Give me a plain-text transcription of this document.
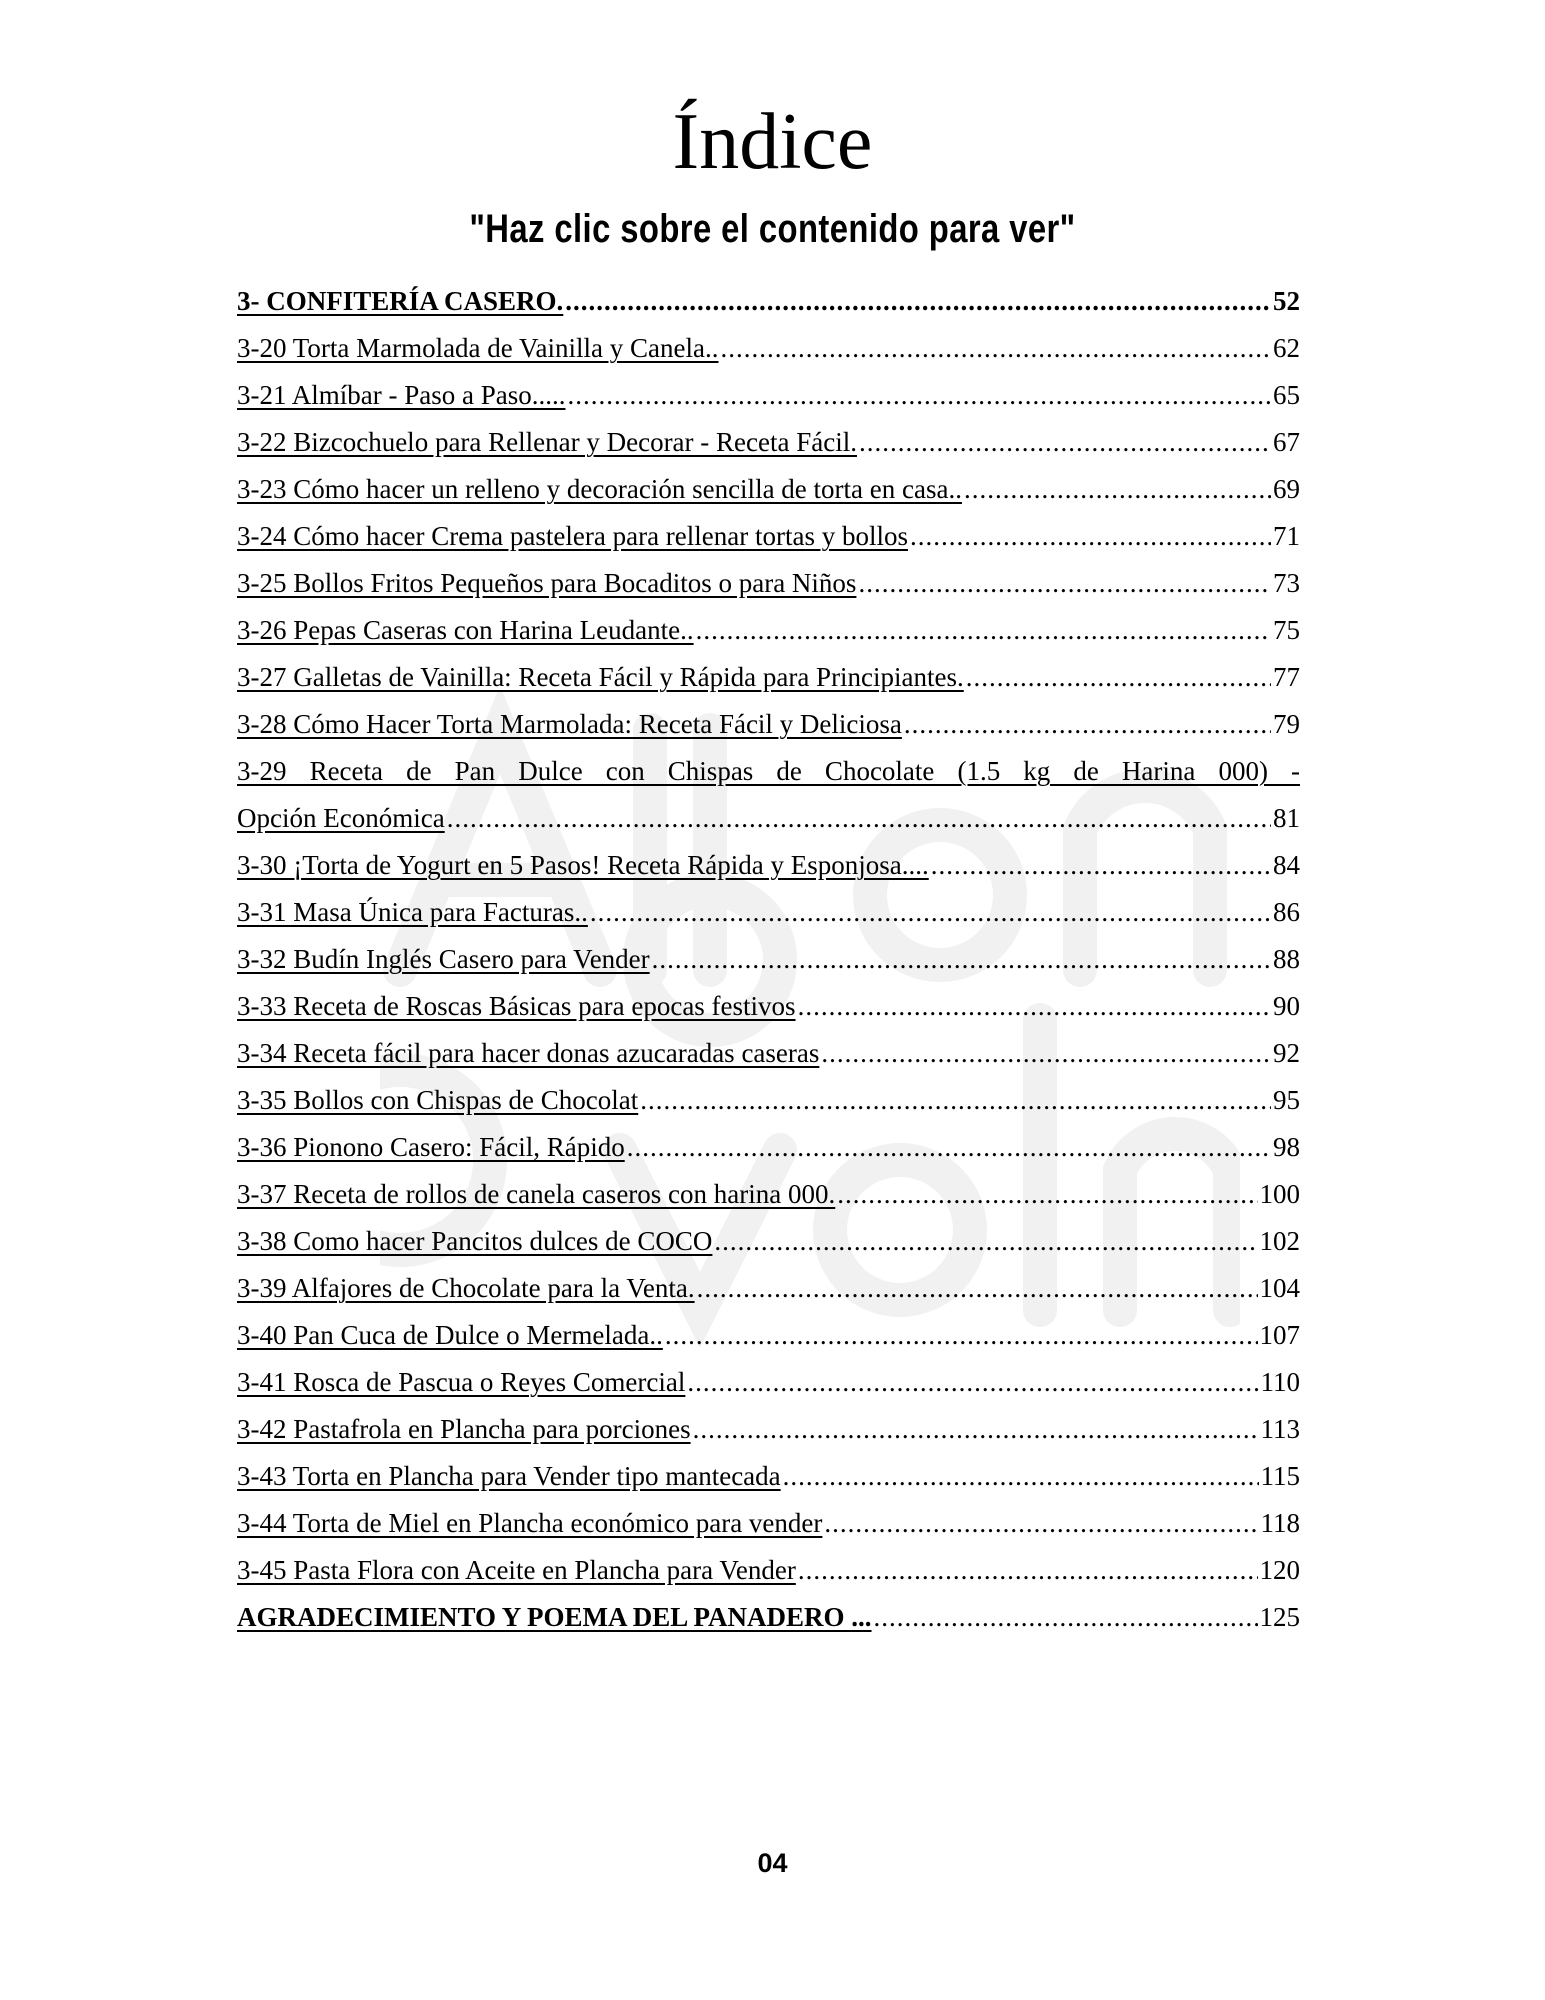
Índice
"Haz clic sobre el contenido para ver"
3- CONFITERÍA CASERO. .....	52
3-20 Torta Marmolada de Vainilla y Canela.. .....	62
3-21 Almíbar - Paso a Paso..... .....	65
3-22 Bizcochuelo para Rellenar y Decorar - Receta Fácil. .....	67
3-23 Cómo hacer un relleno y decoración sencilla de torta en casa.. .....	69
3-24 Cómo hacer Crema pastelera para rellenar tortas y bollos .....	71
3-25 Bollos Fritos Pequeños para Bocaditos o para Niños .....	73
3-26 Pepas Caseras con Harina Leudante.. .....	75
3-27 Galletas de Vainilla: Receta Fácil y Rápida para Principiantes. .....	77
3-28 Cómo Hacer Torta Marmolada: Receta Fácil y Deliciosa .....	79
3-29 Receta de Pan Dulce con Chispas de Chocolate (1.5 kg de Harina 000) -
Opción Económica .....	81
3-30 ¡Torta de Yogurt en 5 Pasos! Receta Rápida y Esponjosa.... .....	84
3-31 Masa Única para Facturas.. .....	86
3-32 Budín Inglés Casero para Vender .....	88
3-33 Receta de Roscas Básicas para epocas festivos .....	90
3-34 Receta fácil para hacer donas azucaradas caseras .....	92
3-35 Bollos con Chispas de Chocolat .....	95
3-36 Pionono Casero: Fácil, Rápido .....	98
3-37 Receta de rollos de canela caseros con harina 000. .....	100
3-38 Como hacer Pancitos dulces de COCO .....	102
3-39 Alfajores de Chocolate para la Venta. .....	104
3-40 Pan Cuca de Dulce o Mermelada.. .....	107
3-41 Rosca de Pascua o Reyes Comercial .....	110
3-42 Pastafrola en Plancha para porciones .....	113
3-43 Torta en Plancha para Vender tipo mantecada .....	115
3-44 Torta de Miel en Plancha económico para vender .....	118
3-45 Pasta Flora con Aceite en Plancha para Vender .....	120
AGRADECIMIENTO Y POEMA DEL PANADERO ... .....	125
04
